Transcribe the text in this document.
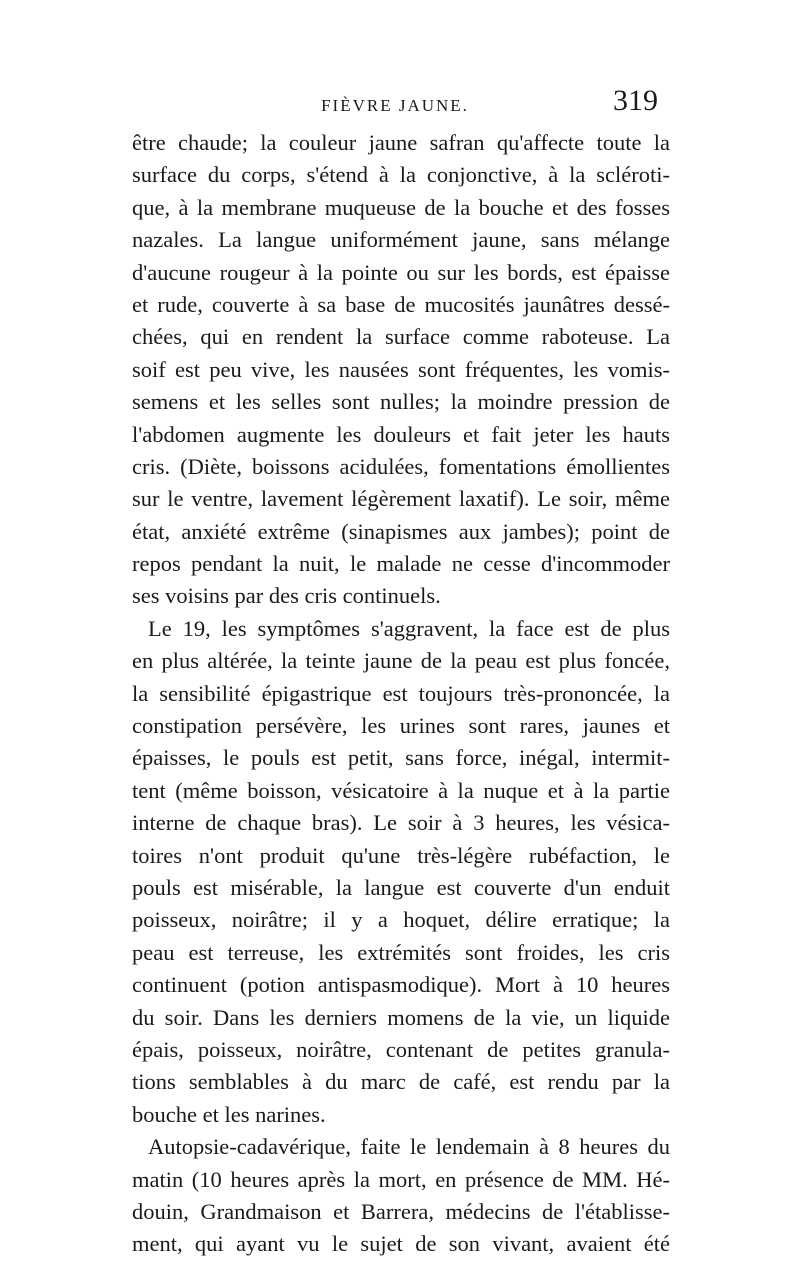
FIÈVRE JAUNE.	319
être chaude; la couleur jaune safran qu'affecte toute la
surface du corps, s'étend à la conjonctive, à la scléroti-
que, à la membrane muqueuse de la bouche et des fosses
nazales. La langue uniformément jaune, sans mélange
d'aucune rougeur à la pointe ou sur les bords, est épaisse
et rude, couverte à sa base de mucosités jaunâtres dessé-
chées, qui en rendent la surface comme raboteuse. La
soif est peu vive, les nausées sont fréquentes, les vomis-
semens et les selles sont nulles; la moindre pression de
l'abdomen augmente les douleurs et fait jeter les hauts
cris. (Diète, boissons acidulées, fomentations émollientes
sur le ventre, lavement légèrement laxatif). Le soir, même
état, anxiété extrême (sinapismes aux jambes); point de
repos pendant la nuit, le malade ne cesse d'incommoder
ses voisins par des cris continuels.
Le 19, les symptômes s'aggravent, la face est de plus
en plus altérée, la teinte jaune de la peau est plus foncée,
la sensibilité épigastrique est toujours très-prononcée, la
constipation persévère, les urines sont rares, jaunes et
épaisses, le pouls est petit, sans force, inégal, intermit-
tent (même boisson, vésicatoire à la nuque et à la partie
interne de chaque bras). Le soir à 3 heures, les vésica-
toires n'ont produit qu'une très-légère rubéfaction, le
pouls est misérable, la langue est couverte d'un enduit
poisseux, noirâtre; il y a hoquet, délire erratique; la
peau est terreuse, les extrémités sont froides, les cris
continuent (potion antispasmodique). Mort à 10 heures
du soir. Dans les derniers momens de la vie, un liquide
épais, poisseux, noirâtre, contenant de petites granula-
tions semblables à du marc de café, est rendu par la
bouche et les narines.
Autopsie-cadavérique, faite le lendemain à 8 heures du
matin (10 heures après la mort, en présence de MM. Hé-
douin, Grandmaison et Barrera, médecins de l'établisse-
ment, qui ayant vu le sujet de son vivant, avaient été
